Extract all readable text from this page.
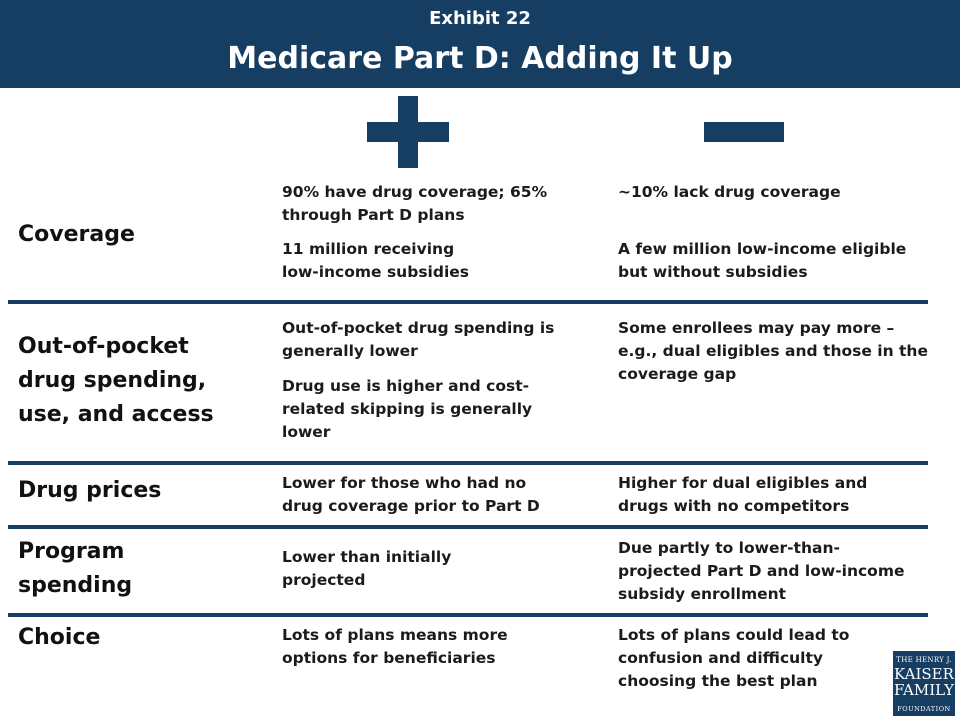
Exhibit 22
Medicare Part D: Adding It Up
Coverage
90% have drug coverage; 65%
through Part D plans
11 million receiving
low-income subsidies
~10% lack drug coverage
A few million low-income eligible
but without subsidies
Out-of-pocket
drug spending,
use, and access
Out-of-pocket drug spending is
generally lower
Drug use is higher and cost-
related skipping is generally
lower
Some enrollees may pay more –
e.g., dual eligibles and those in the
coverage gap
Drug prices	Lower for those who had no
drug coverage prior to Part D
Higher for dual eligibles and
drugs with no competitors
Program
spending
Lower than initially
projected
Due partly to lower-than-
projected Part D and low-income
subsidy enrollment
Choice	Lots of plans means more
options for beneficiaries
Lots of plans could lead to
confusion and difficulty
choosing the best plan
THE HENRY J.
KAISER
FAMILY
FOUNDATION
